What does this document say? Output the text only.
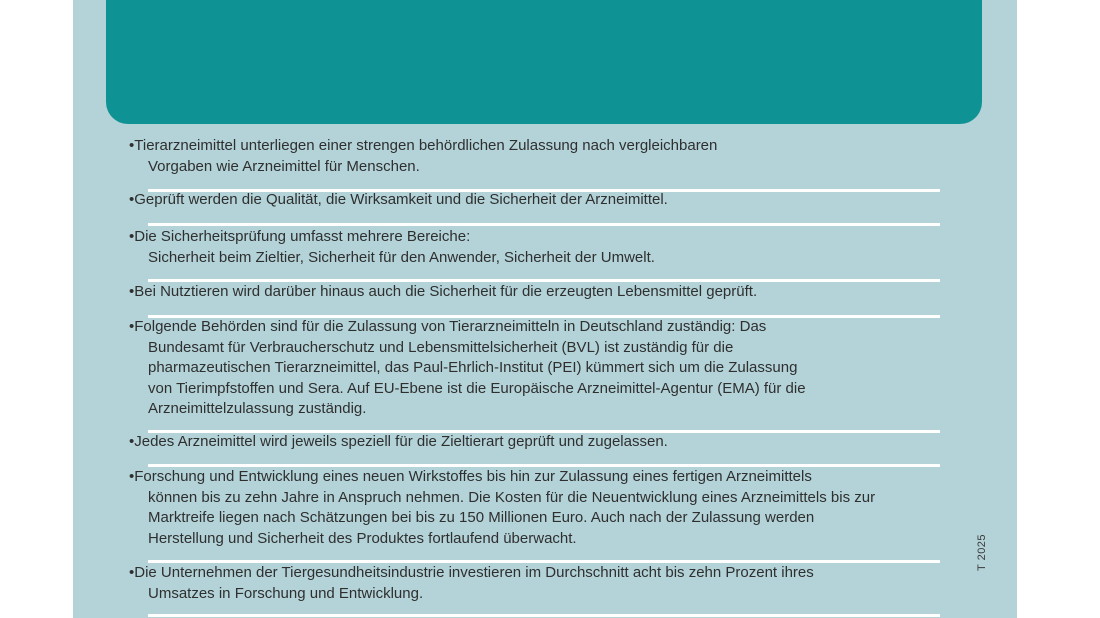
•Tierarzneimittel unterliegen einer strengen behördlichen Zulassung nach vergleichbaren
Vorgaben wie Arzneimittel für Menschen.
•Geprüft werden die Qualität, die Wirksamkeit und die Sicherheit der Arzneimittel.
•Die Sicherheitsprüfung umfasst mehrere Bereiche:
Sicherheit beim Zieltier, Sicherheit für den Anwender, Sicherheit der Umwelt.
•Bei Nutztieren wird darüber hinaus auch die Sicherheit für die erzeugten Lebensmittel geprüft.
•Folgende Behörden sind für die Zulassung von Tierarzneimitteln in Deutschland zuständig: Das
Bundesamt für Verbraucherschutz und Lebensmittelsicherheit (BVL) ist zuständig für die
pharmazeutischen Tierarzneimittel, das Paul-Ehrlich-Institut (PEI) kümmert sich um die Zulassung
von Tierimpfstoffen und Sera. Auf EU-Ebene ist die Europäische Arzneimittel-Agentur (EMA) für die
Arzneimittelzulassung zuständig.
•Jedes Arzneimittel wird jeweils speziell für die Zieltierart geprüft und zugelassen.
•Forschung und Entwicklung eines neuen Wirkstoffes bis hin zur Zulassung eines fertigen Arzneimittels
können bis zu zehn Jahre in Anspruch nehmen. Die Kosten für die Neuentwicklung eines Arzneimittels bis zur
Marktreife liegen nach Schätzungen bei bis zu 150 Millionen Euro. Auch nach der Zulassung werden
Herstellung und Sicherheit des Produktes fortlaufend überwacht.
•Die Unternehmen der Tiergesundheitsindustrie investieren im Durchschnitt acht bis zehn Prozent ihres
Umsatzes in Forschung und Entwicklung.
T 2025
